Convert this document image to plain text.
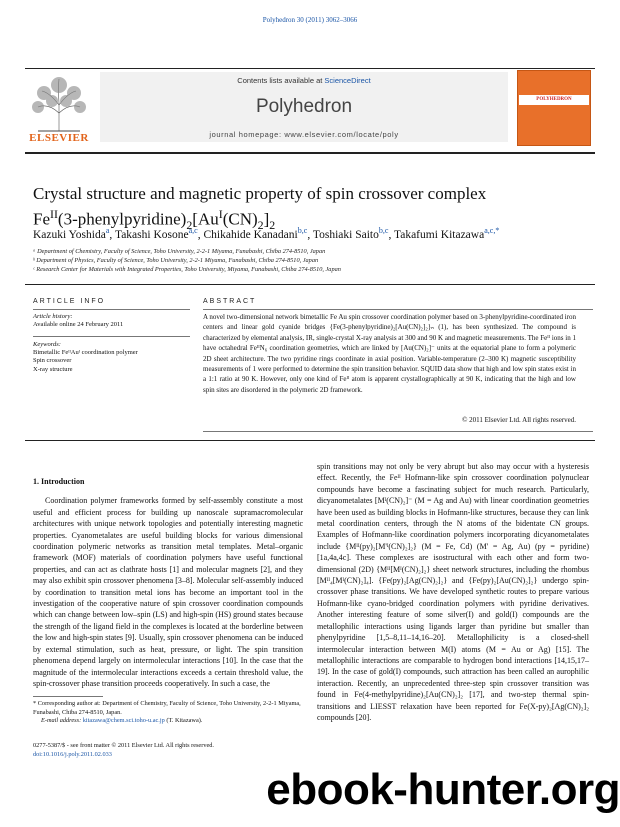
Polyhedron 30 (2011) 3062–3066
ELSEVIER
Contents lists available at ScienceDirect
Polyhedron
journal homepage: www.elsevier.com/locate/poly
POLYHEDRON
Crystal structure and magnetic property of spin crossover complex
$Fe^{II}(3-phenylpyridine)_2[Au^I(CN)_2]_2$
Kazuki Yoshida$^a$, Takashi Kosone$^{a,c}$, Chikahide Kanadani$^{b,c}$, Toshiaki Saito$^{b,c}$, Takafumi Kitazawa$^{a,c,*}$
ᵃ Department of Chemistry, Faculty of Science, Toho University, 2-2-1 Miyama, Funabashi, Chiba 274-8510, Japan
ᵇ Department of Physics, Faculty of Science, Toho University, 2-2-1 Miyama, Funabashi, Chiba 274-8510, Japan
ᶜ Research Center for Materials with Integrated Properties, Toho University, Miyama, Funabashi, Chiba 274-8510, Japan
ARTICLE INFO
Article history:
Available online 24 February 2011
Keywords:
Bimetallic FeᴵᴵAuᴵ coordination polymer
Spin crossover
X-ray structure
ABSTRACT
A novel two-dimensional network bimetallic Fe Au spin crossover coordination polymer based on 3-phenylpyridine-coordinated iron centers and linear gold cyanide bridges {Fe(3-phenylpyridine)₂[Au(CN)₂]₂}ₙ (1), has been synthesized. The compound is characterized by elemental analysis, IR, single-crystal X-ray analysis at 300 and 90 K and magnetic measurements. The Feᴵᴵ ions in 1 have octahedral FeᴵᴵN₆ coordination geometries, which are linked by [Au(CN)₂]⁻ units at the equatorial plane to form a polymeric 2D sheet architecture. The two pyridine rings coordinate in axial position. Variable-temperature (2–300 K) magnetic susceptibility measurements of 1 were performed to determine the spin transition behavior. SQUID data show that high and low spin states exist in a 1:1 ratio at 90 K. However, only one kind of Feᴵᴵ atom is apparent crystallographically at 90 K, indicating that the high and low spin sites are disordered in the polymeric 2D framework.
© 2011 Elsevier Ltd. All rights reserved.
1. Introduction
Coordination polymer frameworks formed by self-assembly constitute a most useful and efficient process for building up nanoscale supramacromolecular architectures with unique network topologies and potentially interesting magnetic properties. Cyanometalates are useful building blocks for various dimensional coordination polymeric networks as transition metal templates. Metal–organic framework (MOF) materials of coordination polymers have useful functional properties, and can act as clathrate hosts [1] and molecular magnets [2], and they may also exhibit spin crossover phenomena [3–8]. Molecular self-assembly induced by coordination to transition metal ions has become an important tool in the investigation of the cooperative nature of spin crossover coordination compounds which can change between low–spin (LS) and high-spin (HS) ground states because the strength of the ligand field in the complexes is located at the borderline between the low and high-spin states [9]. Usually, spin crossover phenomena can be induced by external stimulation, such as heat, pressure, or light. The spin transition phenomena depend largely on intermolecular interactions [10]. In the case that the magnitude of the intermolecular interactions exceeds a certain threshold value, the spin-crossover phase transition proceeds cooperatively. In such a case, the
spin transitions may not only be very abrupt but also may occur with a hysteresis effect. Recently, the Feᴵᴵ Hofmann-like spin crossover coordination polynuclear compounds have become a fascinating subject for much research. Particularly, dicyanometalates [Mᴵ(CN)₂]⁻ (M = Ag and Au) with linear coordination geometries have been used as building blocks in Hofmann-like structures, because they can link metal coordination centers, through the N atoms of the bidentate CN groups. Examples of Hofmann-like coordination polymers incorporating dicyanometalates include {Mᴵᴵ(py)₂[M'ᴵ(CN)₂]₂} (M = Fe, Cd) (M' = Ag, Au) (py = pyridine) [1a,4a,4c]. These complexes are isostructural with each other and form two-dimensional (2D) {Mᴵᴵ[Mᴵ(CN)₂]₂} sheet network structures, including the rhombus [Mᴵᴵ₄[Mᴵ(CN)₂]₄]. {Fe(py)₂[Ag(CN)₂]₂} and {Fe(py)₂[Au(CN)₂]₂} undergo spin-crossover phase transitions. We have developed synthetic routes to prepare various Hofmann-like cyano-bridged coordination polymers with pyridine derivatives. Another interesting feature of some silver(I) and gold(I) compounds are the metallophilic interactions using ligands larger than pyridine but smaller than phenylpyridine [1,5–8,11–14,16–20]. Metallophilicity is a closed-shell intermolecular interaction between M(I) atoms (M = Au or Ag) [15]. The metallophilic interactions are comparable to hydrogen bond interactions [14,15,17–19]. In the case of gold(I) compounds, such attraction has been called an aurophilic interaction. Recently, an unprecedented three-step spin crossover transition was found in Fe(4-methylpyridine)₂[Au(CN)₂]₂ [17], and two-step thermal spin-transitions and LIESST relaxation have been reported for Fe(X-py)₂[Ag(CN)₂]₂ compounds [20].
* Corresponding author at: Department of Chemistry, Faculty of Science, Toho University, 2-2-1 Miyama, Funabashi, Chiba 274-8510, Japan.
E-mail address: kitazawa@chem.sci.toho-u.ac.jp (T. Kitazawa).
0277-5387/$ - see front matter © 2011 Elsevier Ltd. All rights reserved.
doi:10.1016/j.poly.2011.02.033
ebook-hunter.org
